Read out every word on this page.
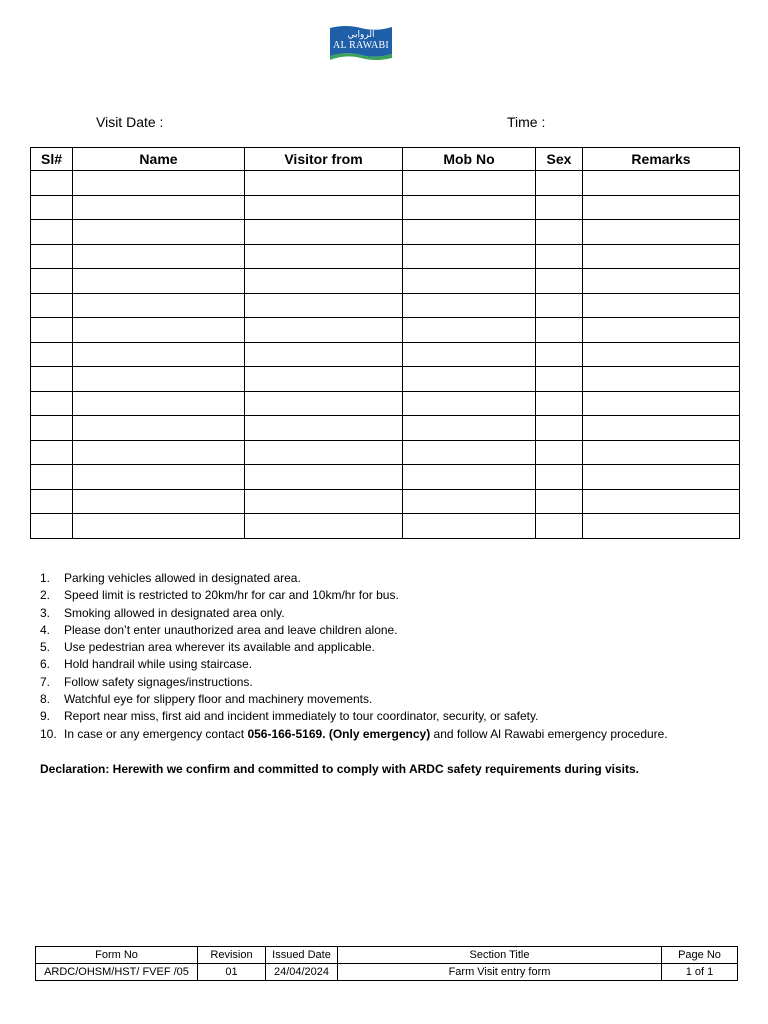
الروابي
AL RAWABI
Visit Date :	Time :
Sl#	Name	Visitor from	Mob No	Sex	Remarks

1. Parking vehicles allowed in designated area.
2. Speed limit is restricted to 20km/hr for car and 10km/hr for bus.
3. Smoking allowed in designated area only.
4. Please don’t enter unauthorized area and leave children alone.
5. Use pedestrian area wherever its available and applicable.
6. Hold handrail while using staircase.
7. Follow safety signages/instructions.
8. Watchful eye for slippery floor and machinery movements.
9. Report near miss, first aid and incident immediately to tour coordinator, security, or safety.
10. In case or any emergency contact 056-166-5169. (Only emergency) and follow Al Rawabi emergency procedure.
Declaration: Herewith we confirm and committed to comply with ARDC safety requirements during visits.
Form No	Revision	Issued Date	Section Title	Page No
ARDC/OHSM/HST/ FVEF /05	01	24/04/2024	Farm Visit entry form	1 of 1
